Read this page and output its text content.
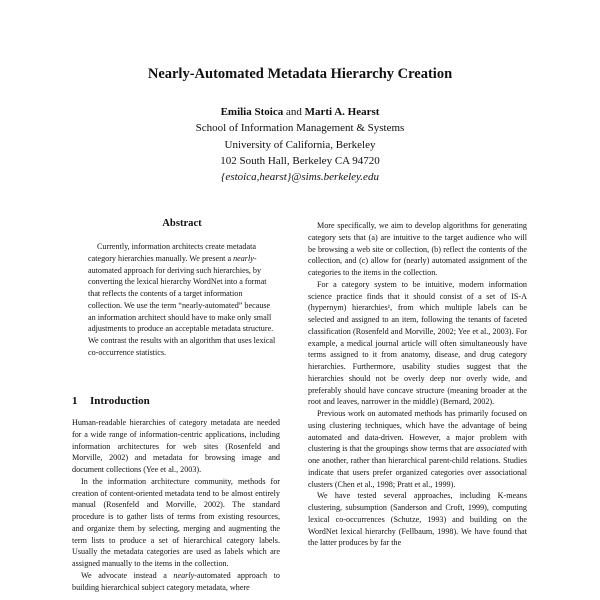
Nearly-Automated Metadata Hierarchy Creation
Emilia Stoica and Marti A. Hearst
School of Information Management & Systems
University of California, Berkeley
102 South Hall, Berkeley CA 94720
{estoica,hearst}@sims.berkeley.edu
Abstract

Currently, information architects create metadata category hierarchies manually. We present a nearly-automated approach for deriving such hierarchies, by converting the lexical hierarchy WordNet into a format that reflects the contents of a target information collection. We use the term “nearly-automated” because an information architect should have to make only small adjustments to produce an acceptable metadata structure. We contrast the results with an algorithm that uses lexical co-occurrence statistics.

1 Introduction

Human-readable hierarchies of category metadata are needed for a wide range of information-centric applications, including information architectures for web sites (Rosenfeld and Morville, 2002) and metadata for browsing image and document collections (Yee et al., 2003).

In the information architecture community, methods for creation of content-oriented metadata tend to be almost entirely manual (Rosenfeld and Morville, 2002). The standard procedure is to gather lists of terms from existing resources, and organize them by selecting, merging and augmenting the term lists to produce a set of hierarchical category labels. Usually the metadata categories are used as labels which are assigned manually to the items in the collection.

We advocate instead a nearly-automated approach to building hierarchical subject category metadata, where

More specifically, we aim to develop algorithms for generating category sets that (a) are intuitive to the target audience who will be browsing a web site or collection, (b) reflect the contents of the collection, and (c) allow for (nearly) automated assignment of the categories to the items in the collection.

For a category system to be intuitive, modern information science practice finds that it should consist of a set of IS-A (hypernym) hierarchies¹, from which multiple labels can be selected and assigned to an item, following the tenants of faceted classification (Rosenfeld and Morville, 2002; Yee et al., 2003). For example, a medical journal article will often simultaneously have terms assigned to it from anatomy, disease, and drug category hierarchies. Furthermore, usability studies suggest that the hierarchies should not be overly deep nor overly wide, and preferably should have concave structure (meaning broader at the root and leaves, narrower in the middle) (Bernard, 2002).

Previous work on automated methods has primarily focused on using clustering techniques, which have the advantage of being automated and data-driven. However, a major problem with clustering is that the groupings show terms that are associated with one another, rather than hierarchical parent-child relations. Studies indicate that users prefer organized categories over associational clusters (Chen et al., 1998; Pratt et al., 1999).

We have tested several approaches, including K-means clustering, subsumption (Sanderson and Croft, 1999), computing lexical co-occurrences (Schutze, 1993) and building on the WordNet lexical hierarchy (Fellbaum, 1998). We have found that the latter produces by far the
